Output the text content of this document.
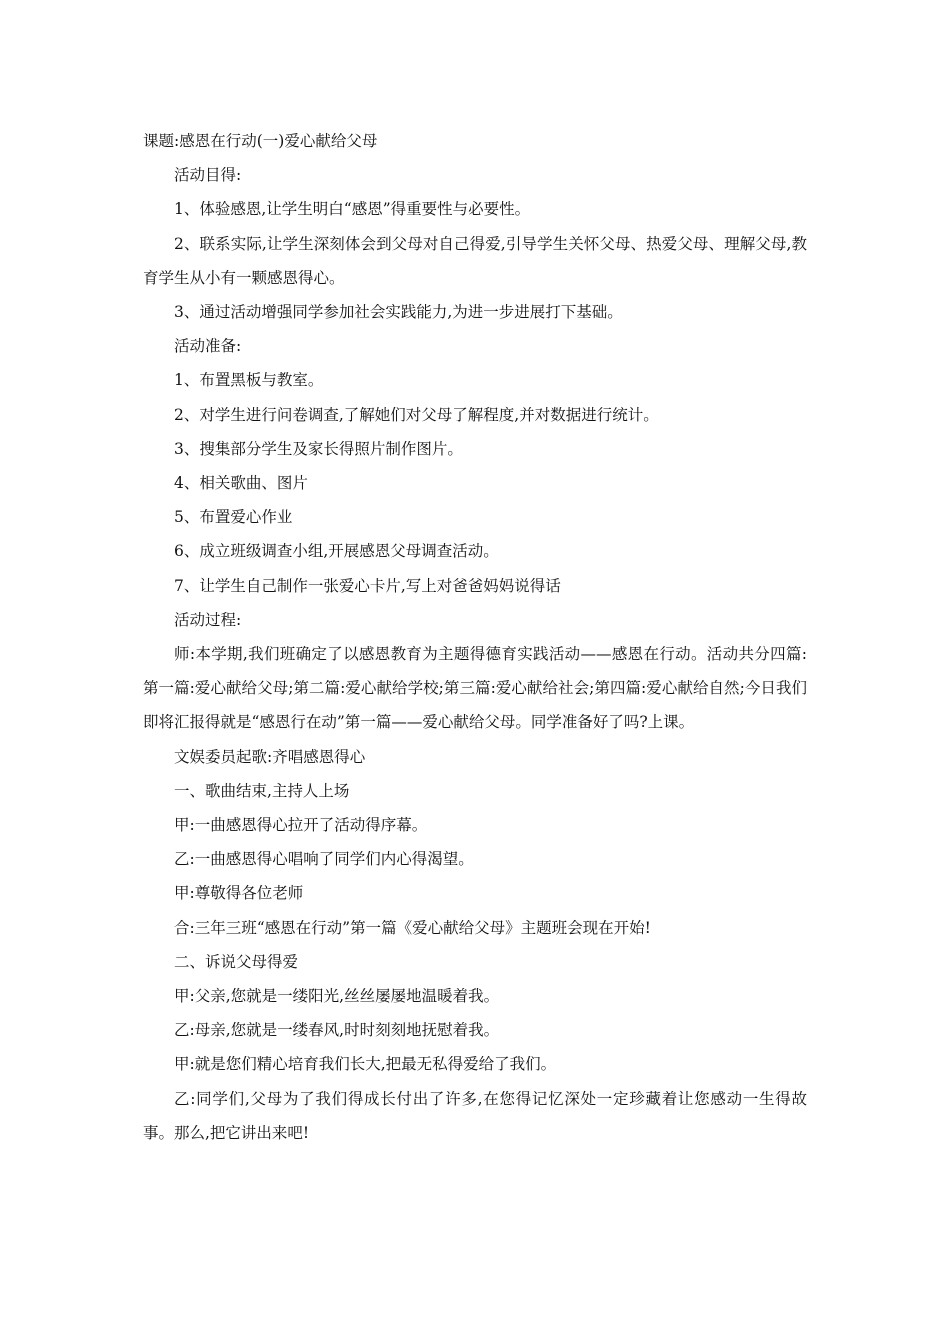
课题:感恩在行动(一)爱心献给父母

活动目得:

1、体验感恩,让学生明白“感恩”得重要性与必要性。

2、联系实际,让学生深刻体会到父母对自己得爱,引导学生关怀父母、热爱父母、理解父母,教育学生从小有一颗感恩得心。

3、通过活动增强同学参加社会实践能力,为进一步进展打下基础。

活动准备:

1、布置黑板与教室。

2、对学生进行问卷调查,了解她们对父母了解程度,并对数据进行统计。

3、搜集部分学生及家长得照片制作图片。

4、相关歌曲、图片

5、布置爱心作业

6、成立班级调查小组,开展感恩父母调查活动。

7、让学生自己制作一张爱心卡片,写上对爸爸妈妈说得话

活动过程:

师:本学期,我们班确定了以感恩教育为主题得德育实践活动——感恩在行动。活动共分四篇:第一篇:爱心献给父母;第二篇:爱心献给学校;第三篇:爱心献给社会;第四篇:爱心献给自然;今日我们即将汇报得就是“感恩行在动”第一篇——爱心献给父母。同学准备好了吗?上课。

文娱委员起歌:齐唱感恩得心

一、歌曲结束,主持人上场

甲:一曲感恩得心拉开了活动得序幕。

乙:一曲感恩得心唱响了同学们内心得渴望。

甲:尊敬得各位老师

合:三年三班“感恩在行动”第一篇《爱心献给父母》主题班会现在开始!

二、诉说父母得爱

甲:父亲,您就是一缕阳光,丝丝屡屡地温暖着我。

乙:母亲,您就是一缕春风,时时刻刻地抚慰着我。

甲:就是您们精心培育我们长大,把最无私得爱给了我们。

乙:同学们,父母为了我们得成长付出了许多,在您得记忆深处一定珍藏着让您感动一生得故事。那么,把它讲出来吧!
